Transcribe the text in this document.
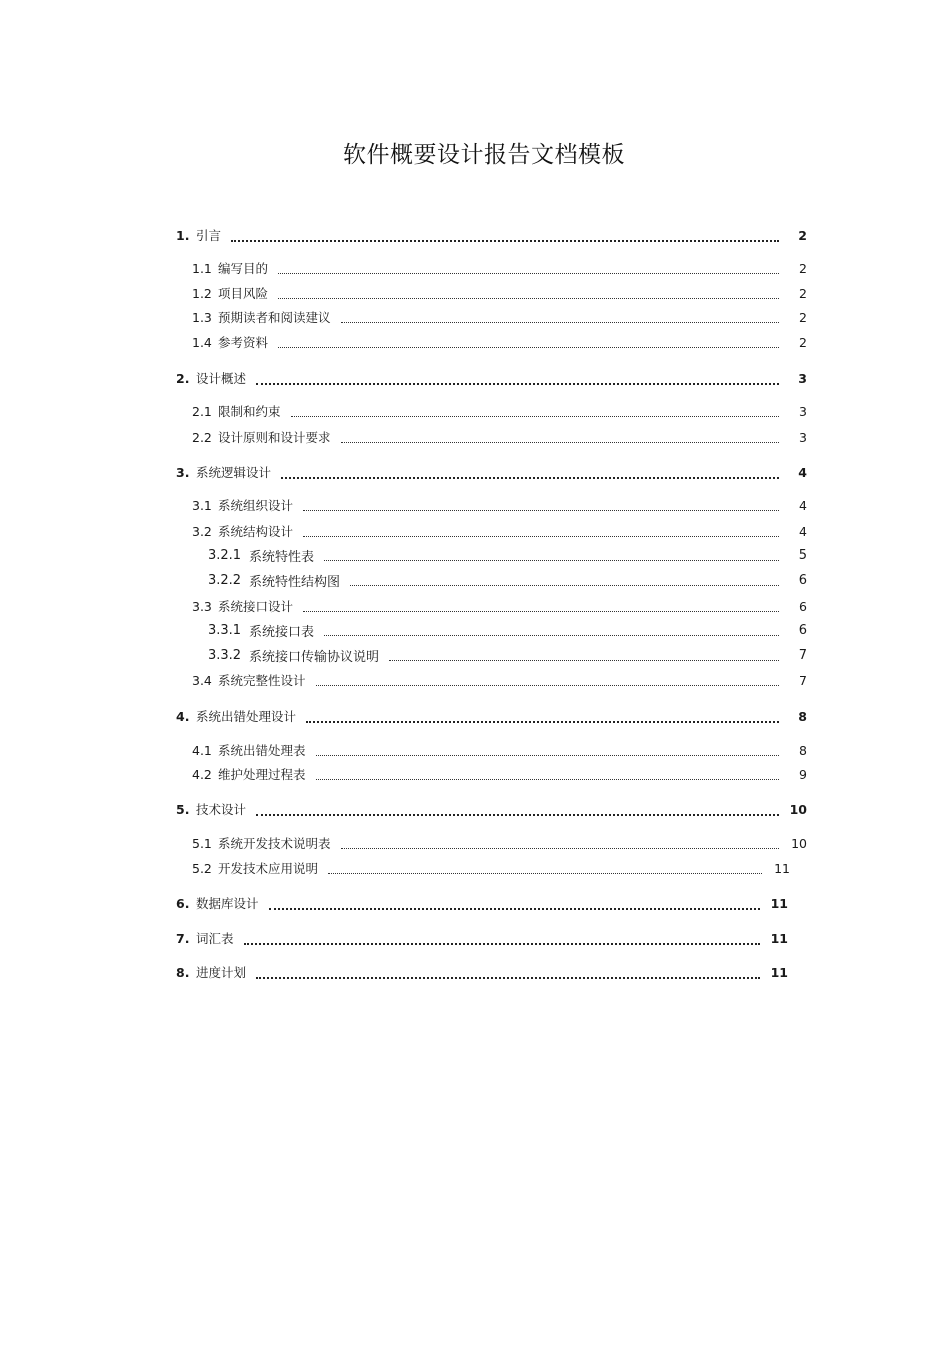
软件概要设计报告文档模板
1. 引言	2
1.1 编写目的	2
1.2 项目风险	2
1.3 预期读者和阅读建议	2
1.4 参考资料	2
2. 设计概述	3
2.1 限制和约束	3
2.2 设计原则和设计要求	3
3. 系统逻辑设计	4
3.1 系统组织设计	4
3.2 系统结构设计	4
3.2.1 系统特性表	5
3.2.2 系统特性结构图	6
3.3 系统接口设计	6
3.3.1 系统接口表	6
3.3.2 系统接口传输协议说明	7
3.4 系统完整性设计	7
4. 系统出错处理设计	8
4.1 系统出错处理表	8
4.2 维护处理过程表	9
5. 技术设计	10
5.1 系统开发技术说明表	10
5.2 开发技术应用说明	11
6. 数据库设计	11
7. 词汇表	11
8. 进度计划	11
